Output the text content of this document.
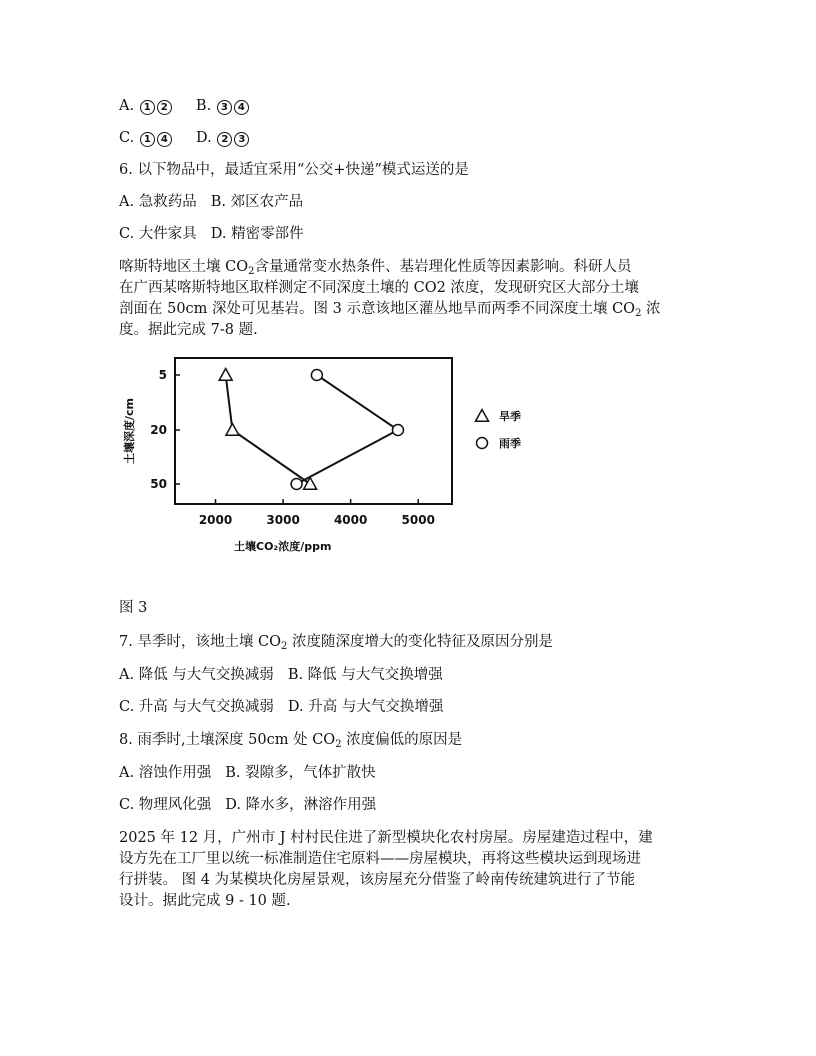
A. 1 2 B. 3 4
C. 1 4 D. 2 3
6. 以下物品中，最适宜采用“公交+快递”模式运送的是
A. 急救药品 B. 郊区农产品
C. 大件家具 D. 精密零部件
喀斯特地区土壤 $CO_2$含量通常变水热条件、基岩理化性质等因素影响。科研人员
在广西某喀斯特地区取样测定不同深度土壤的 CO2 浓度，发现研究区大部分土壤
剖面在 50cm 深处可见基岩。图 3 示意该地区灌丛地旱而两季不同深度土壤 $CO_2$ 浓
度。据此完成 7-8 题.
2000	3000	4000	5000
5
20
50
土壤CO₂浓度/ppm
土壤深度/cm	旱季
雨季
图 3
7. 旱季时，该地土壤 $CO_2$ 浓度随深度增大的变化特征及原因分别是
A. 降低 与大气交换减弱 B. 降低 与大气交换增强
C. 升高 与大气交换减弱 D. 升高 与大气交换增强
8. 雨季时,土壤深度 50cm 处 $CO_2$ 浓度偏低的原因是
A. 溶蚀作用强 B. 裂隙多，气体扩散快
C. 物理风化强 D. 降水多，淋溶作用强
2025 年 12 月，广州市 J 村村民住进了新型模块化农村房屋。房屋建造过程中，建
设方先在工厂里以统一标准制造住宅原料——房屋模块，再将这些模块运到现场进
行拼装。 图 4 为某模块化房屋景观，该房屋充分借鉴了岭南传统建筑进行了节能
设计。据此完成 9 - 10 题.
